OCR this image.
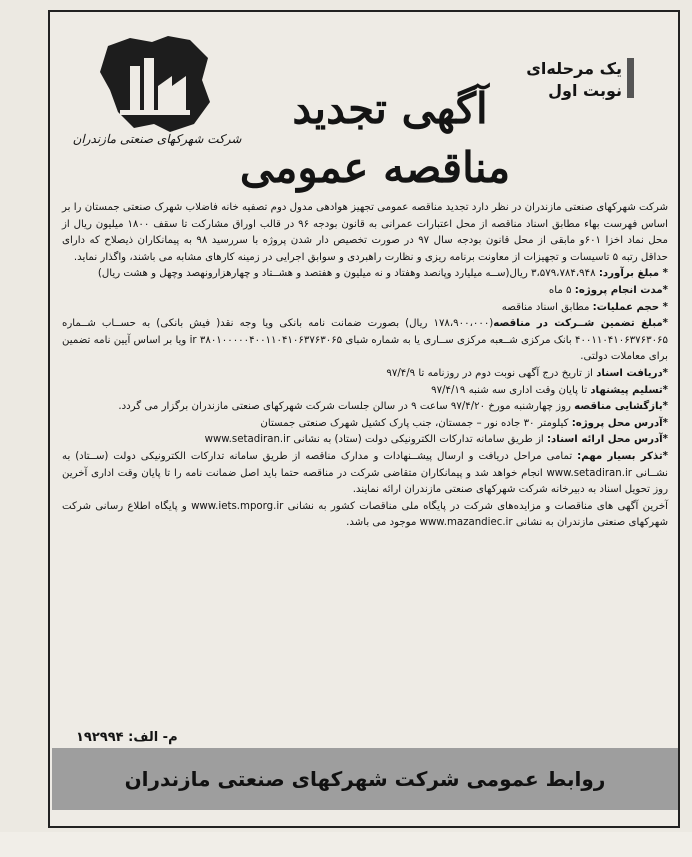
شرکت شهرکهای صنعتی مازندران
یک مرحله‌ای
نوبت اول
آگهی تجدید
مناقصه عمومی

شرکت شهرکهای صنعتی مازندران در نظر دارد تجدید مناقصه عمومی تجهیز هوادهی مدول دوم تصفیه خانه فاضلاب شهرک صنعتی جمستان را بر اساس فهرست بهاء مطابق اسناد مناقصه از محل اعتبارات عمرانی به قانون بودجه ۹۶ در قالب اوراق مشارکت تا سقف ۱۸۰۰ میلیون ریال از محل نماد اخزا ۶۰۱و مابقی از محل قانون بودجه سال ۹۷ در صورت تخصیص دار شدن پروژه با سررسید ۹۸ به پیمانکاران ذیصلاح که دارای حداقل رتبه ۵ تاسیسات و تجهیزات از معاونت برنامه ریزی و نظارت راهبردی و سوابق اجرایی در زمینه کارهای مشابه می باشند، واگذار نماید.

* مبلغ برآورد: ۳،۵۷۹،۷۸۴،۹۴۸ ریال(ســه میلیارد وپانصد وهفتاد و نه میلیون و هفتصد و هشــتاد و چهارهزارونهصد وچهل و هشت ریال)

*مدت انجام پروژه: ۵ ماه

* حجم عملیات: مطابق اسناد مناقصه

*مبلغ تضمین شــرکت در مناقصه(۱۷۸،۹۰۰،۰۰۰ ریال) بصورت ضمانت نامه بانکی ویا وجه نقد( فیش بانکی) به حســاب شــماره ۴۰۰۱۱۰۴۱۰۶۳۷۶۳۰۶۵ بانک مرکزی شــعبه مرکزی ســاری یا به شماره شبای ir ۳۸۰۱۰۰۰۰۰۴۰۰۱۱۰۴۱۰۶۳۷۶۳۰۶۵ ویا بر اساس آیین نامه تضمین برای معاملات دولتی.

*دریافت اسناد از تاریخ درج آگهی نوبت دوم در روزنامه تا ۹۷/۴/۹

*تسلیم پیشنهاد تا پایان وقت اداری سه شنبه ۹۷/۴/۱۹

*بازگشایی مناقصه روز چهارشنبه مورخ ۹۷/۴/۲۰ ساعت ۹ در سالن جلسات شرکت شهرکهای صنعتی مازندران برگزار می گردد.

*آدرس محل پروژه: کیلومتر ۳۰ جاده نور – جمستان، جنب پارک کشیل شهرک صنعتی جمستان

*آدرس محل ارائه اسناد: از طریق سامانه تدارکات الکترونیکی دولت (ستاد) به نشانی www.setadiran.ir

*تذکر بسیار مهم: تمامی مراحل دریافت و ارسال پیشــنهادات و مدارک مناقصه از طریق سامانه تدارکات الکترونیکی دولت (ســتاد) به نشــانی www.setadiran.ir انجام خواهد شد و پیمانکاران متقاضی شرکت در مناقصه حتما باید اصل ضمانت نامه را تا پایان وقت اداری آخرین روز تحویل اسناد به دبیرخانه شرکت شهرکهای صنعتی مازندران ارائه نمایند.

آخرین آگهی های مناقصات و مزایده‌های شرکت در پایگاه ملی مناقصات کشور به نشانی www.iets.mporg.ir و پایگاه اطلاع رسانی شرکت شهرکهای صنعتی مازندران به نشانی www.mazandiec.ir موجود می باشد.

م- الف: ۱۹۲۹۹۴
روابط عمومی شرکت شهرکهای صنعتی مازندران
